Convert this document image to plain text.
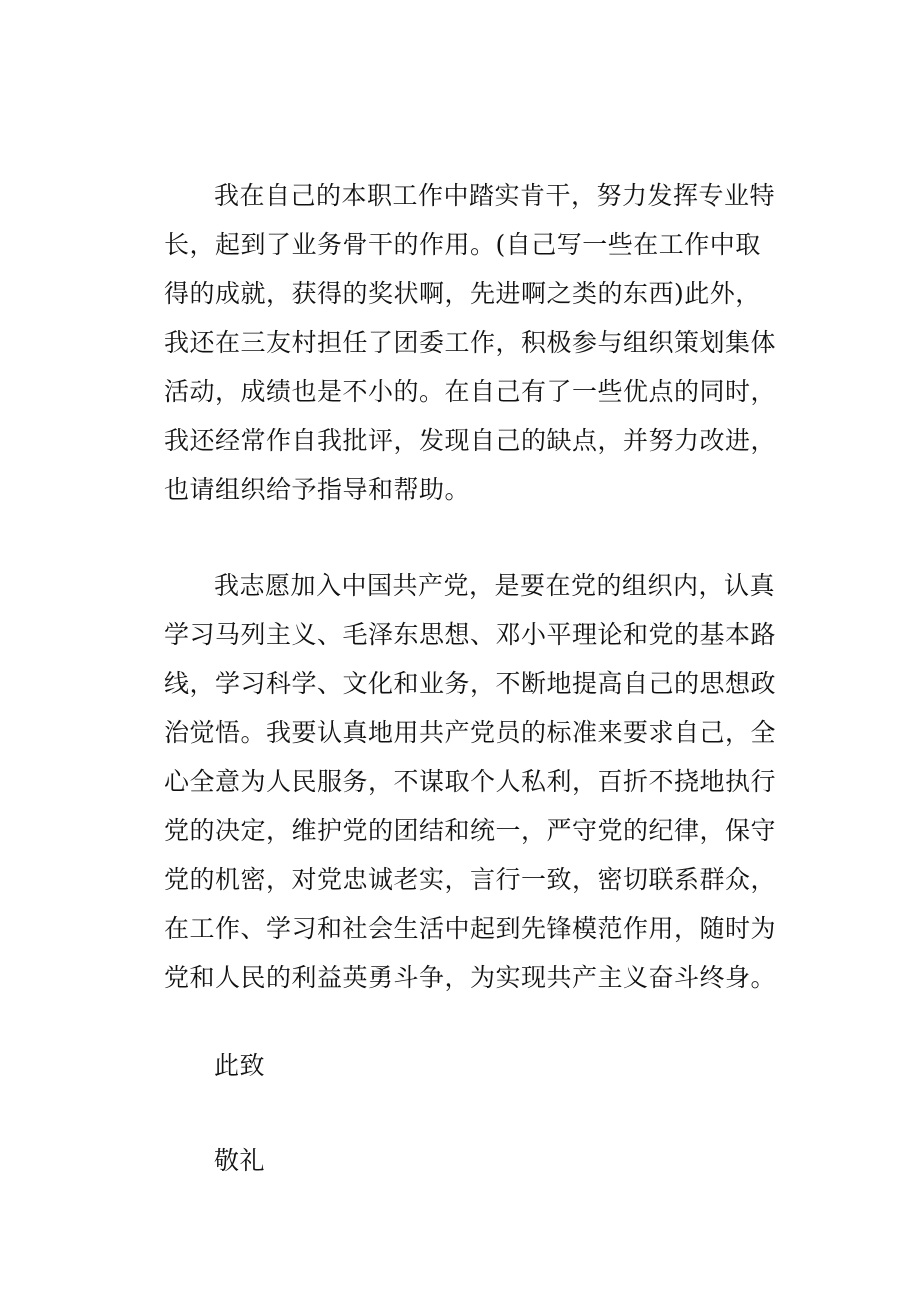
我在自己的本职工作中踏实肯干，努力发挥专业特
长，起到了业务骨干的作用。(自己写一些在工作中取
得的成就，获得的奖状啊，先进啊之类的东西)此外，
我还在三友村担任了团委工作，积极参与组织策划集体
活动，成绩也是不小的。在自己有了一些优点的同时，
我还经常作自我批评，发现自己的缺点，并努力改进，
也请组织给予指导和帮助。
我志愿加入中国共产党，是要在党的组织内，认真
学习马列主义、毛泽东思想、邓小平理论和党的基本路
线，学习科学、文化和业务，不断地提高自己的思想政
治觉悟。我要认真地用共产党员的标准来要求自己，全
心全意为人民服务，不谋取个人私利，百折不挠地执行
党的决定，维护党的团结和统一，严守党的纪律，保守
党的机密，对党忠诚老实，言行一致，密切联系群众，
在工作、学习和社会生活中起到先锋模范作用，随时为
党和人民的利益英勇斗争，为实现共产主义奋斗终身。
此致
敬礼
